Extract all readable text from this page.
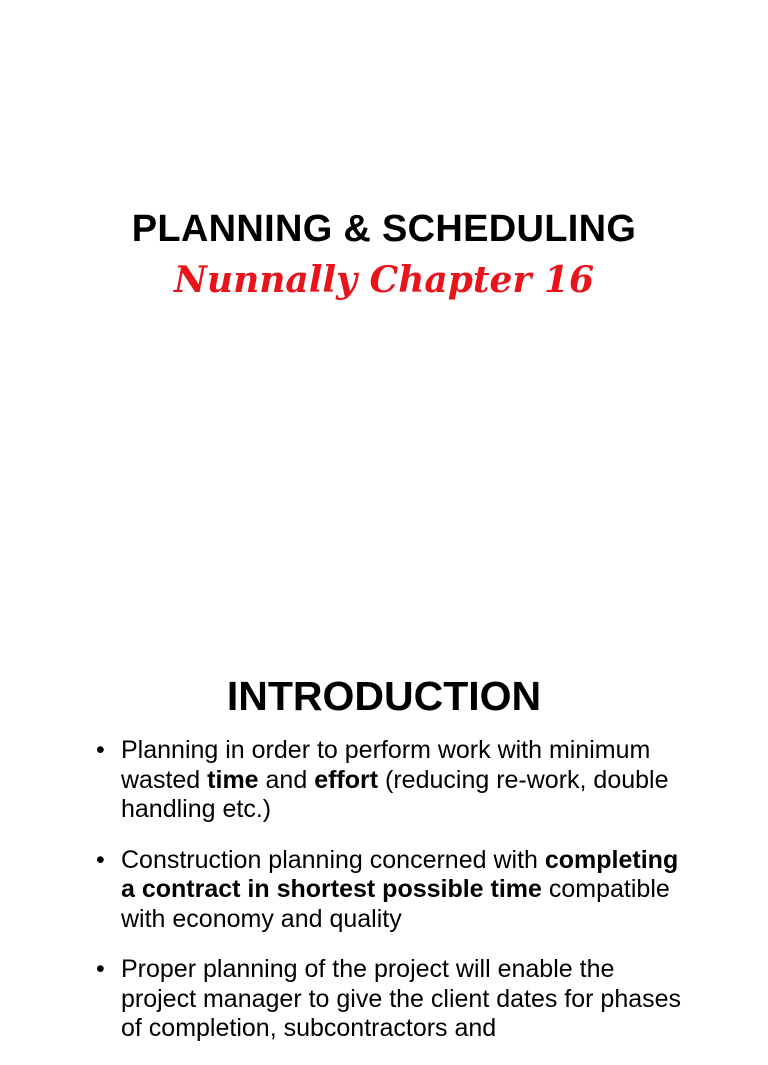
PLANNING & SCHEDULING
Nunnally Chapter 16
INTRODUCTION
• Planning in order to perform work with minimum wasted time and effort (reducing re-work, double handling etc.)
• Construction planning concerned with completing a contract in shortest possible time compatible with economy and quality
• Proper planning of the project will enable the project manager to give the client dates for phases of completion, subcontractors and
